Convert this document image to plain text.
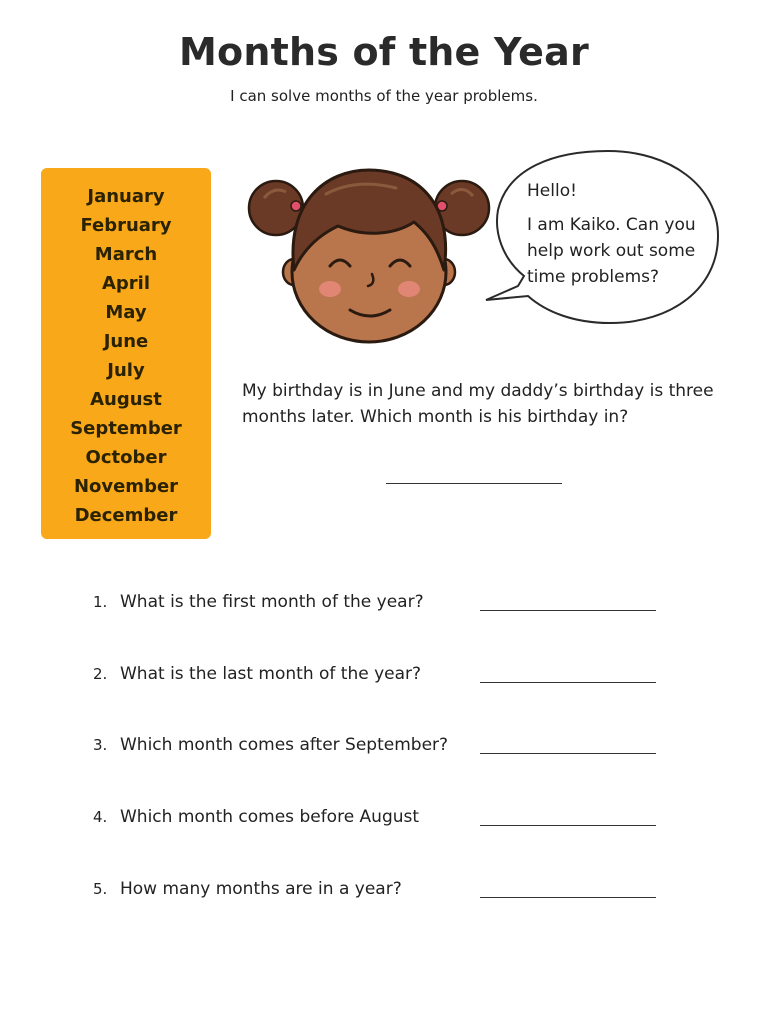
Months of the Year
I can solve months of the year problems.
January
February
March
April
May
June
July
August
September
October
November
December
Hello!
I am Kaiko. Can you help work out some time problems?
My birthday is in June and my daddy’s birthday is three months later. Which month is his birthday in?
1. What is the first month of the year?
2. What is the last month of the year?
3. Which month comes after September?
4. Which month comes before August
5. How many months are in a year?
